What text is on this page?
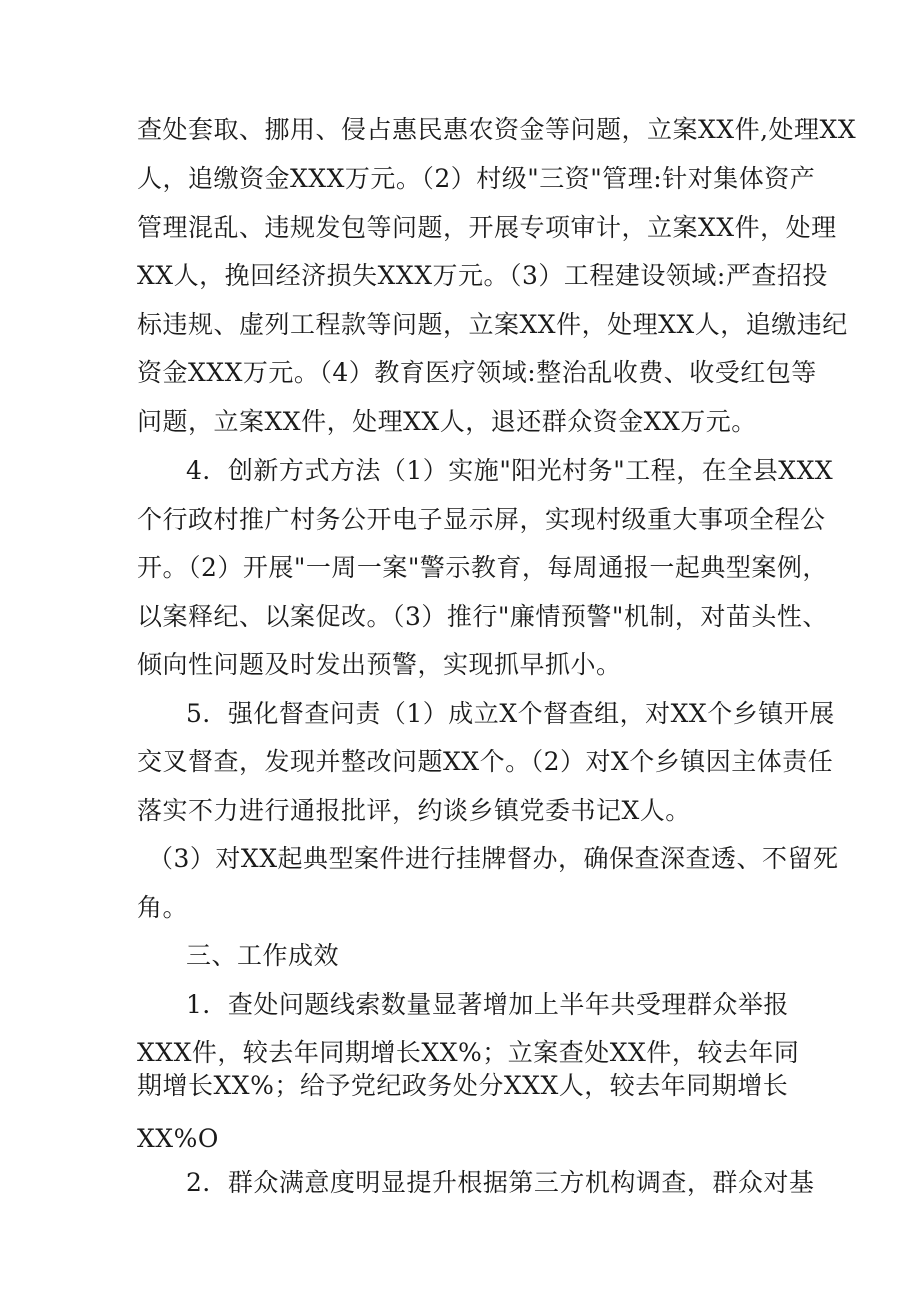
查处套取、挪用、侵占惠民惠农资金等问题，立案XX件,处理XX

人，追缴资金XXX万元。（2）村级"三资"管理:针对集体资产

管理混乱、违规发包等问题，开展专项审计，立案XX件，处理

XX人，挽回经济损失XXX万元。（3）工程建设领域:严查招投

标违规、虚列工程款等问题，立案XX件，处理XX人，追缴违纪

资金XXX万元。（4）教育医疗领域:整治乱收费、收受红包等

问题，立案XX件，处理XX人，退还群众资金XX万元。

4．创新方式方法（1）实施"阳光村务"工程，在全县XXX

个行政村推广村务公开电子显示屏，实现村级重大事项全程公

开。（2）开展"一周一案"警示教育，每周通报一起典型案例，

以案释纪、以案促改。（3）推行"廉情预警"机制，对苗头性、

倾向性问题及时发出预警，实现抓早抓小。

5．强化督查问责（1）成立X个督查组，对XX个乡镇开展

交叉督查，发现并整改问题XX个。（2）对X个乡镇因主体责任

落实不力进行通报批评，约谈乡镇党委书记X人。

（3）对XX起典型案件进行挂牌督办，确保查深查透、不留死

角。

三、工作成效

1．查处问题线索数量显著增加上半年共受理群众举报

XXX件，较去年同期增长XX%；立案查处XX件，较去年同

期增长XX%；给予党纪政务处分XXX人，较去年同期增长

XX%O

2．群众满意度明显提升根据第三方机构调查，群众对基
